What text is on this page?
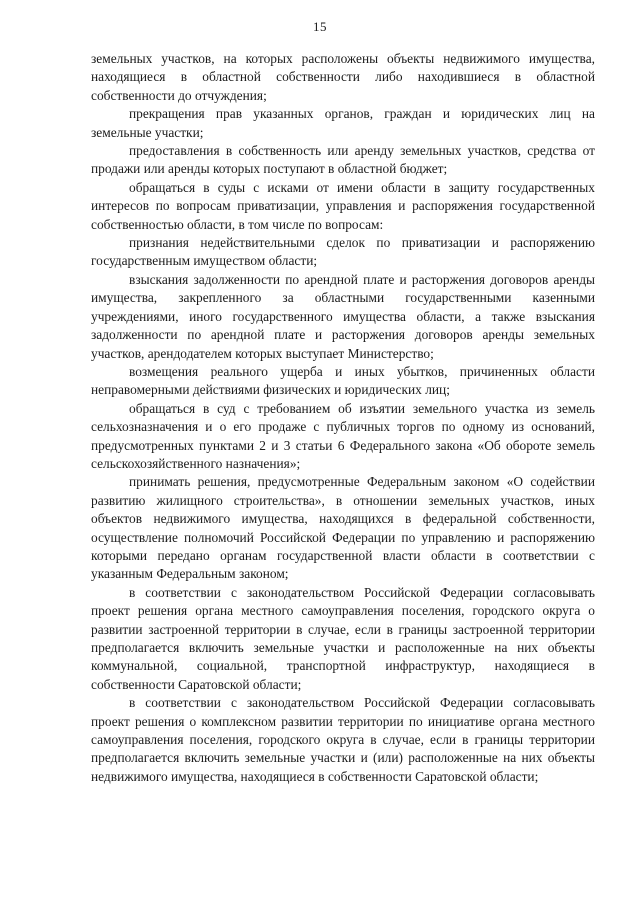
15

земельных участков, на которых расположены объекты недвижимого имущества, находящиеся в областной собственности либо находившиеся в областной собственности до отчуждения;

прекращения прав указанных органов, граждан и юридических лиц на земельные участки;

предоставления в собственность или аренду земельных участков, средства от продажи или аренды которых поступают в областной бюджет;

обращаться в суды с исками от имени области в защиту государственных интересов по вопросам приватизации, управления и распоряжения государственной собственностью области, в том числе по вопросам:

признания недействительными сделок по приватизации и распоряжению государственным имуществом области;

взыскания задолженности по арендной плате и расторжения договоров аренды имущества, закрепленного за областными государственными казенными учреждениями, иного государственного имущества области, а также взыскания задолженности по арендной плате и расторжения договоров аренды земельных участков, арендодателем которых выступает Министерство;

возмещения реального ущерба и иных убытков, причиненных области неправомерными действиями физических и юридических лиц;

обращаться в суд с требованием об изъятии земельного участка из земель сельхозназначения и о его продаже с публичных торгов по одному из оснований, предусмотренных пунктами 2 и 3 статьи 6 Федерального закона «Об обороте земель сельскохозяйственного назначения»;

принимать решения, предусмотренные Федеральным законом «О содействии развитию жилищного строительства», в отношении земельных участков, иных объектов недвижимого имущества, находящихся в федеральной собственности, осуществление полномочий Российской Федерации по управлению и распоряжению которыми передано органам государственной власти области в соответствии с указанным Федеральным законом;

в соответствии с законодательством Российской Федерации согласовывать проект решения органа местного самоуправления поселения, городского округа о развитии застроенной территории в случае, если в границы застроенной территории предполагается включить земельные участки и расположенные на них объекты коммунальной, социальной, транспортной инфраструктур, находящиеся в собственности Саратовской области;

в соответствии с законодательством Российской Федерации согласовывать проект решения о комплексном развитии территории по инициативе органа местного самоуправления поселения, городского округа в случае, если в границы территории предполагается включить земельные участки и (или) расположенные на них объекты недвижимого имущества, находящиеся в собственности Саратовской области;
